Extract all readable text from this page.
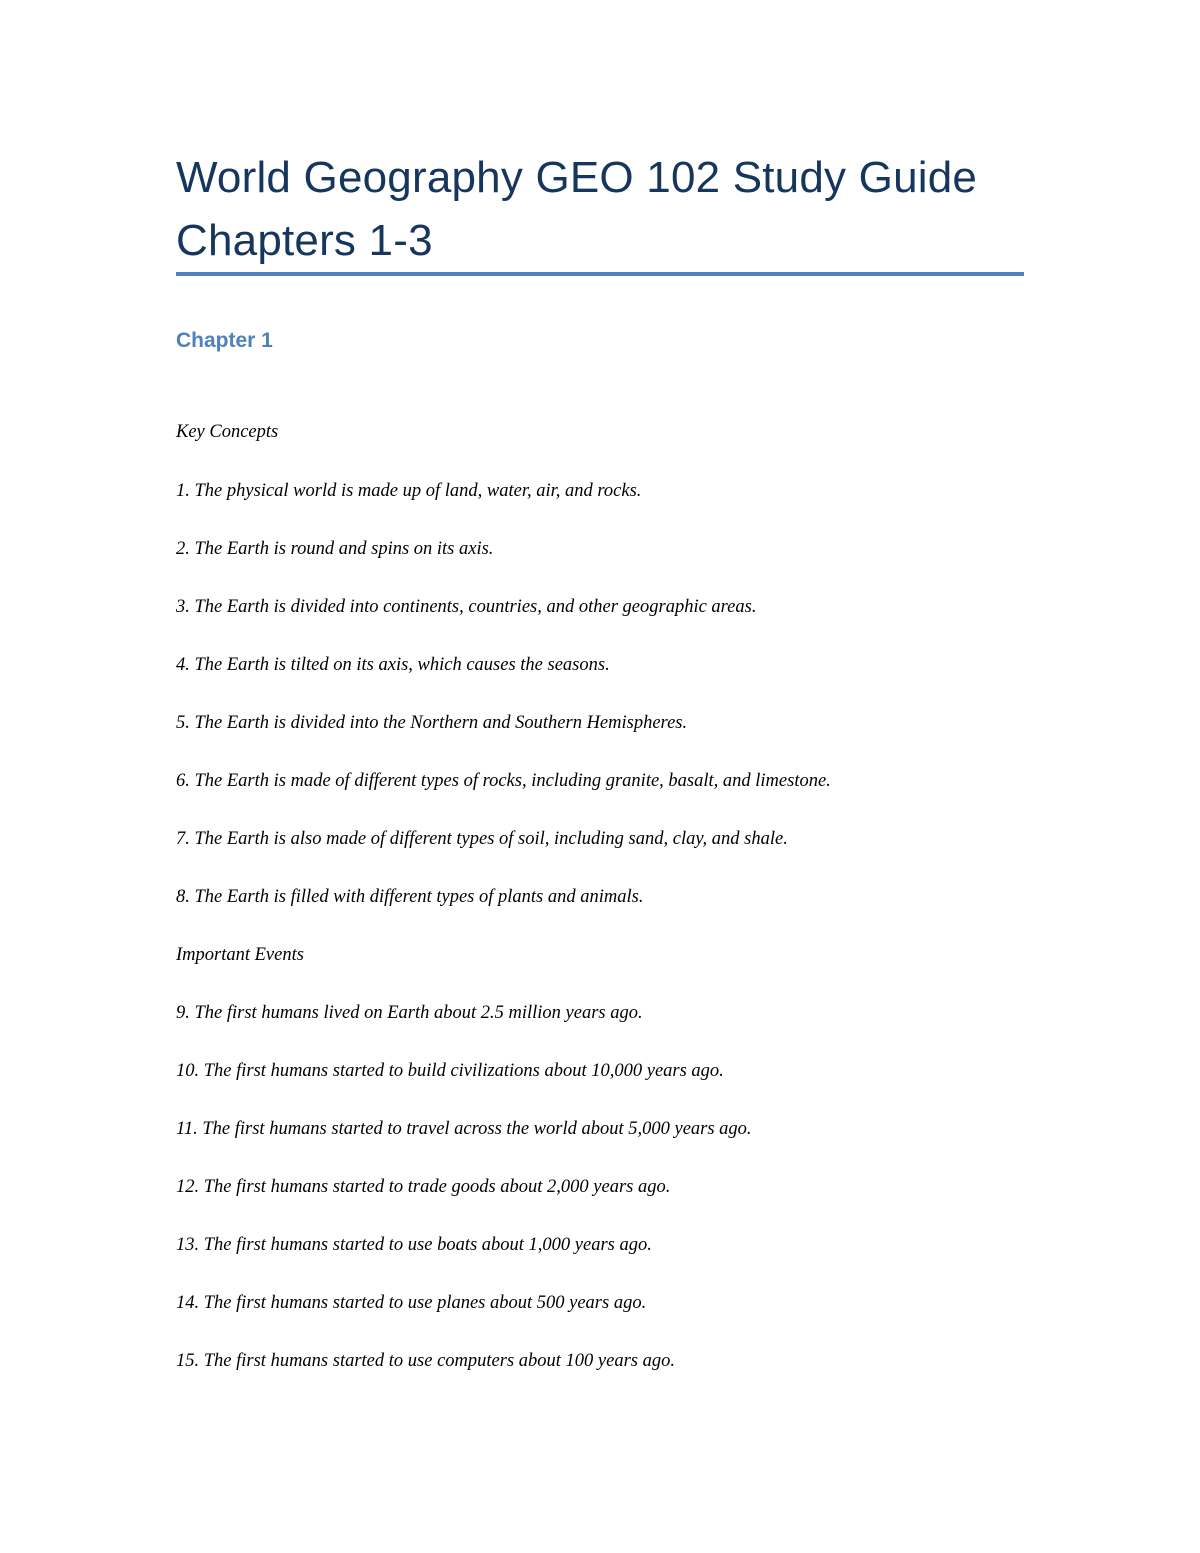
World Geography GEO 102 Study Guide
Chapters 1-3
Chapter 1

Key Concepts

1. The physical world is made up of land, water, air, and rocks.

2. The Earth is round and spins on its axis.

3. The Earth is divided into continents, countries, and other geographic areas.

4. The Earth is tilted on its axis, which causes the seasons.

5. The Earth is divided into the Northern and Southern Hemispheres.

6. The Earth is made of different types of rocks, including granite, basalt, and limestone.

7. The Earth is also made of different types of soil, including sand, clay, and shale.

8. The Earth is filled with different types of plants and animals.

Important Events

9. The first humans lived on Earth about 2.5 million years ago.

10. The first humans started to build civilizations about 10,000 years ago.

11. The first humans started to travel across the world about 5,000 years ago.

12. The first humans started to trade goods about 2,000 years ago.

13. The first humans started to use boats about 1,000 years ago.

14. The first humans started to use planes about 500 years ago.

15. The first humans started to use computers about 100 years ago.
